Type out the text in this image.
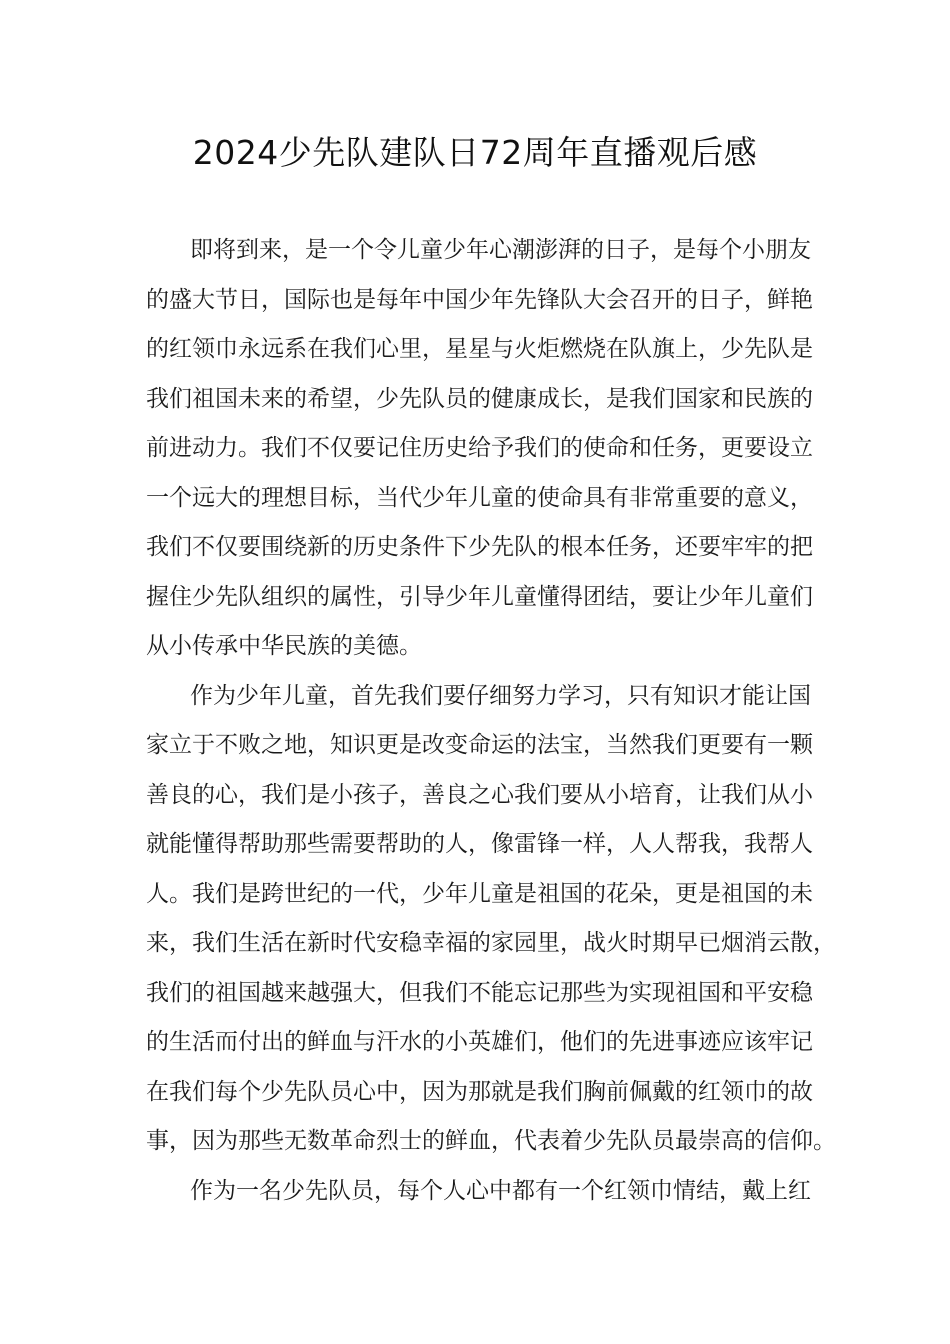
2024少先队建队日72周年直播观后感
即将到来，是一个令儿童少年心潮澎湃的日子，是每个小朋友
的盛大节日，国际也是每年中国少年先锋队大会召开的日子，鲜艳
的红领巾永远系在我们心里，星星与火炬燃烧在队旗上，少先队是
我们祖国未来的希望，少先队员的健康成长，是我们国家和民族的
前进动力。我们不仅要记住历史给予我们的使命和任务，更要设立
一个远大的理想目标，当代少年儿童的使命具有非常重要的意义，
我们不仅要围绕新的历史条件下少先队的根本任务，还要牢牢的把
握住少先队组织的属性，引导少年儿童懂得团结，要让少年儿童们
从小传承中华民族的美德。
作为少年儿童，首先我们要仔细努力学习，只有知识才能让国
家立于不败之地，知识更是改变命运的法宝，当然我们更要有一颗
善良的心，我们是小孩子，善良之心我们要从小培育，让我们从小
就能懂得帮助那些需要帮助的人，像雷锋一样，人人帮我，我帮人
人。我们是跨世纪的一代，少年儿童是祖国的花朵，更是祖国的未
来，我们生活在新时代安稳幸福的家园里，战火时期早已烟消云散，
我们的祖国越来越强大，但我们不能忘记那些为实现祖国和平安稳
的生活而付出的鲜血与汗水的小英雄们，他们的先进事迹应该牢记
在我们每个少先队员心中，因为那就是我们胸前佩戴的红领巾的故
事，因为那些无数革命烈士的鲜血，代表着少先队员最崇高的信仰。
作为一名少先队员，每个人心中都有一个红领巾情结，戴上红
